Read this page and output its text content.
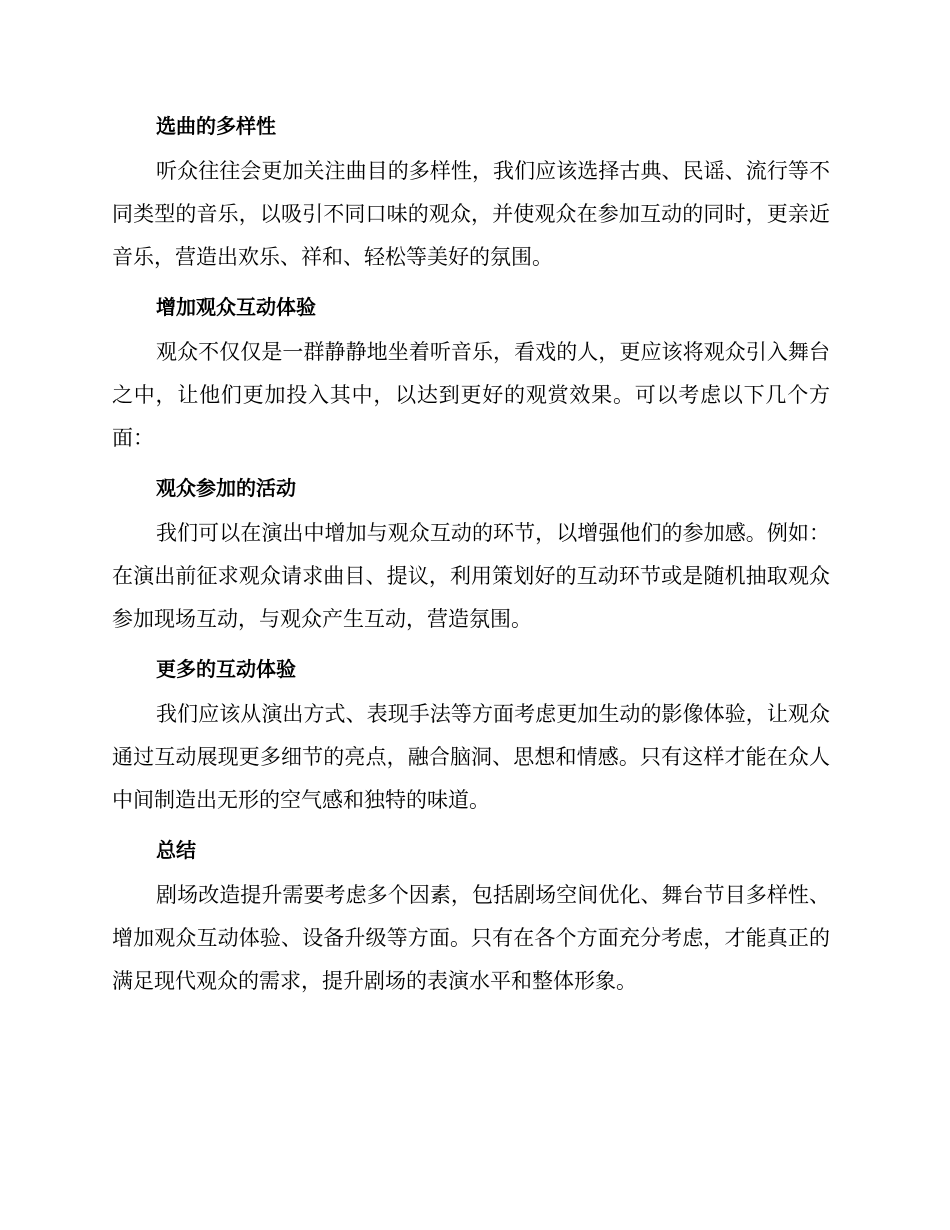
选曲的多样性

听众往往会更加关注曲目的多样性，我们应该选择古典、民谣、流行等不同类型的音乐，以吸引不同口味的观众，并使观众在参加互动的同时，更亲近音乐，营造出欢乐、祥和、轻松等美好的氛围。

增加观众互动体验

观众不仅仅是一群静静地坐着听音乐，看戏的人，更应该将观众引入舞台之中，让他们更加投入其中，以达到更好的观赏效果。可以考虑以下几个方面：

观众参加的活动

我们可以在演出中增加与观众互动的环节，以增强他们的参加感。例如：在演出前征求观众请求曲目、提议，利用策划好的互动环节或是随机抽取观众参加现场互动，与观众产生互动，营造氛围。

更多的互动体验

我们应该从演出方式、表现手法等方面考虑更加生动的影像体验，让观众通过互动展现更多细节的亮点，融合脑洞、思想和情感。只有这样才能在众人中间制造出无形的空气感和独特的味道。

总结

剧场改造提升需要考虑多个因素，包括剧场空间优化、舞台节目多样性、增加观众互动体验、设备升级等方面。只有在各个方面充分考虑，才能真正的满足现代观众的需求，提升剧场的表演水平和整体形象。
